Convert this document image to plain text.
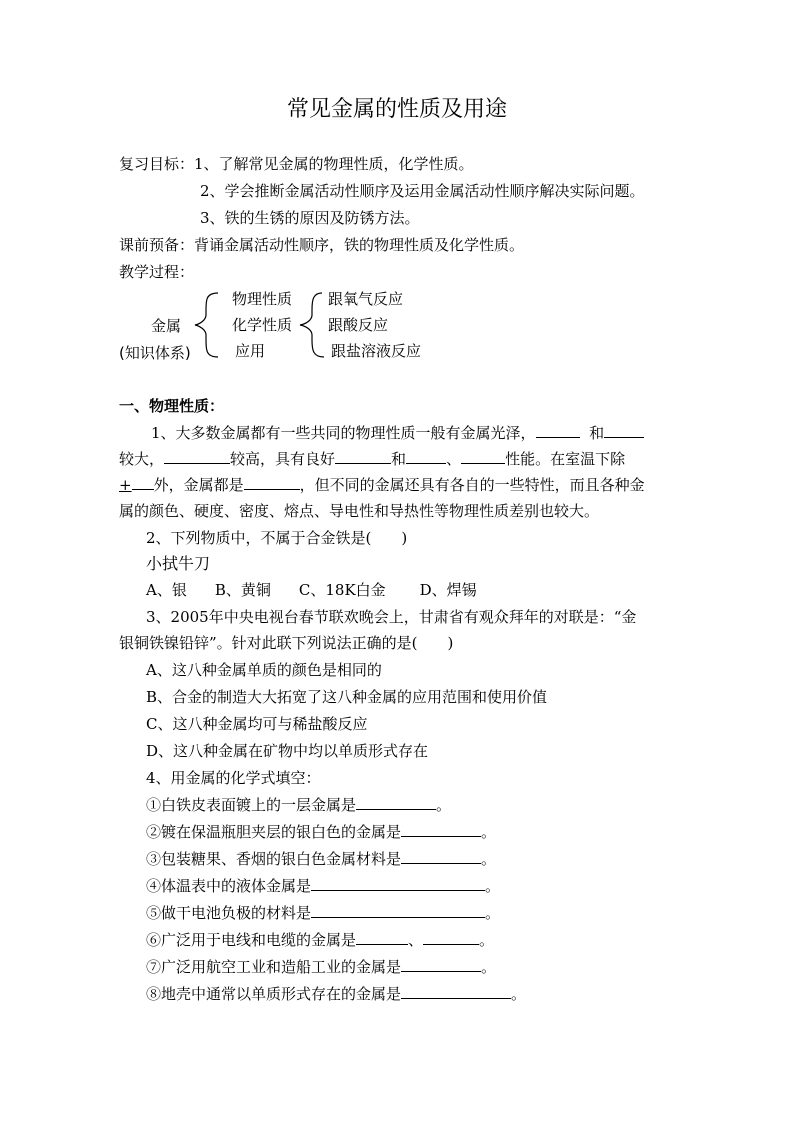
常见金属的性质及用途
复习目标：1、了解常见金属的物理性质，化学性质。
2、学会推断金属活动性顺序及运用金属活动性顺序解决实际问题。
3、铁的生锈的原因及防锈方法。
课前预备：背诵金属活动性顺序，铁的物理性质及化学性质。
教学过程：
物理性质
化学性质
应用
金属
(知识体系)
跟氧气反应
跟酸反应
跟盐溶液反应
一、物理性质：
1、大多数金属都有一些共同的物理性质一般有金属光泽，	和
较大，	较高，具有良好	和	、	性能。在室温下除
+ 外，金属都是	，但不同的金属还具有各自的一些特性，而且各种金
属的颜色、硬度、密度、熔点、导电性和导热性等物理性质差别也较大。
2、下列物质中，不属于合金铁是(　　)
小拭牛刀
A、银 B、黄铜 C、18K白金 D、焊锡
3、2005年中央电视台春节联欢晚会上，甘肃省有观众拜年的对联是：“金
银铜铁镍铅锌”。针对此联下列说法正确的是(　　)
A、这八种金属单质的颜色是相同的
B、合金的制造大大拓宽了这八种金属的应用范围和使用价值
C、这八种金属均可与稀盐酸反应
D、这八种金属在矿物中均以单质形式存在
4、用金属的化学式填空：
①白铁皮表面镀上的一层金属是	。
②镀在保温瓶胆夹层的银白色的金属是	。
③包装糖果、香烟的银白色金属材料是	。
④体温表中的液体金属是	。
⑤做干电池负极的材料是	。
⑥广泛用于电线和电缆的金属是	、	。
⑦广泛用航空工业和造船工业的金属是	。
⑧地壳中通常以单质形式存在的金属是	。
